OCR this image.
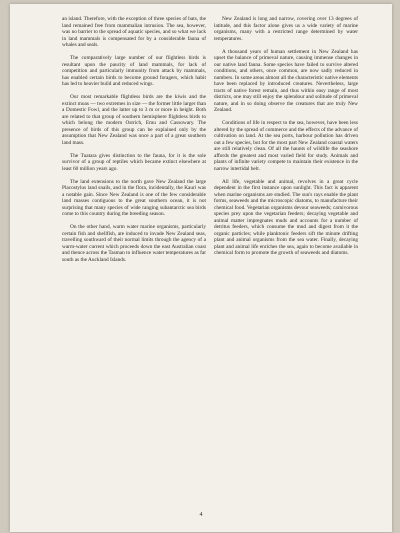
an island. Therefore, with the exception of three species of bats, the land remained free from mammalian intrusion. The sea, however, was no barrier to the spread of aquatic species, and so what we lack in land mammals is compensated for by a considerable fauna of whales and seals.

The comparatively large number of our flightless birds is resultant upon the paucity of land mammals, for lack of competition and particularly immunity from attack by mammals, has enabled certain birds to become ground foragers, which habit has led to heavier build and reduced wings.

Our most remarkable flightless birds are the kiwis and the extinct moas — two extremes in size — the former little larger than a Domestic Fowl, and the latter up to 3 m or more in height. Both are related to that group of southern hemisphere flightless birds to which belong the modern Ostrich, Emu and Cassowary. The presence of birds of this group can be explained only by the assumption that New Zealand was once a part of a great southern land mass.

The Tuatara gives distinction to the fauna, for it is the sole survivor of a group of reptiles which became extinct elsewhere at least 60 million years ago.

The land extensions to the north gave New Zealand the large Placostylus land snails, and in the flora, incidentally, the Kauri was a notable gain. Since New Zealand is one of the few considerable land masses contiguous to the great southern ocean, it is not surprising that many species of wide ranging subantarctic sea birds come to this country during the breeding season.

On the other hand, warm water marine organisms, particularly certain fish and shellfish, are induced to invade New Zealand seas, travelling southward of their normal limits through the agency of a warm-water current which proceeds down the east Australian coast and thence across the Tasman to influence water temperatures as far south as the Auckland Islands.

New Zealand is long and narrow, covering over 13 degrees of latitude, and this factor alone gives us a wide variety of marine organisms, many with a restricted range determined by water temperatures.

A thousand years of human settlement in New Zealand has upset the balance of primeval nature, causing immense changes in our native land fauna. Some species have failed to survive altered conditions, and others, once common, are now sadly reduced in numbers. In some areas almost all the characteristic native elements have been replaced by introduced creatures. Nevertheless, large tracts of native forest remain, and thus within easy range of most districts, one may still enjoy the splendour and solitude of primeval nature, and in so doing observe the creatures that are truly New Zealand.

Conditions of life in respect to the sea, however, have been less altered by the spread of commerce and the effects of the advance of cultivation on land. At the sea ports, harbour pollution has driven out a few species, but for the most part New Zealand coastal waters are still relatively clean. Of all the haunts of wildlife the seashore affords the greatest and most varied field for study. Animals and plants of infinite variety compete to maintain their existence in the narrow intertidal belt.

All life, vegetable and animal, revolves in a great cycle dependent in the first instance upon sunlight. This fact is apparent when marine organisms are studied. The sun's rays enable the plant forms, seaweeds and the microscopic diatoms, to manufacture their chemical food. Vegetarian organisms devour seaweeds; carnivorous species prey upon the vegetarian feeders; decaying vegetable and animal matter impregnates muds and accounts for a number of detritus feeders, which consume the mud and digest from it the organic particles; while planktonic feeders sift the minute drifting plant and animal organisms from the sea water. Finally, decaying plant and animal life enriches the sea, again to become available in chemical form to promote the growth of seaweeds and diatoms.

4
